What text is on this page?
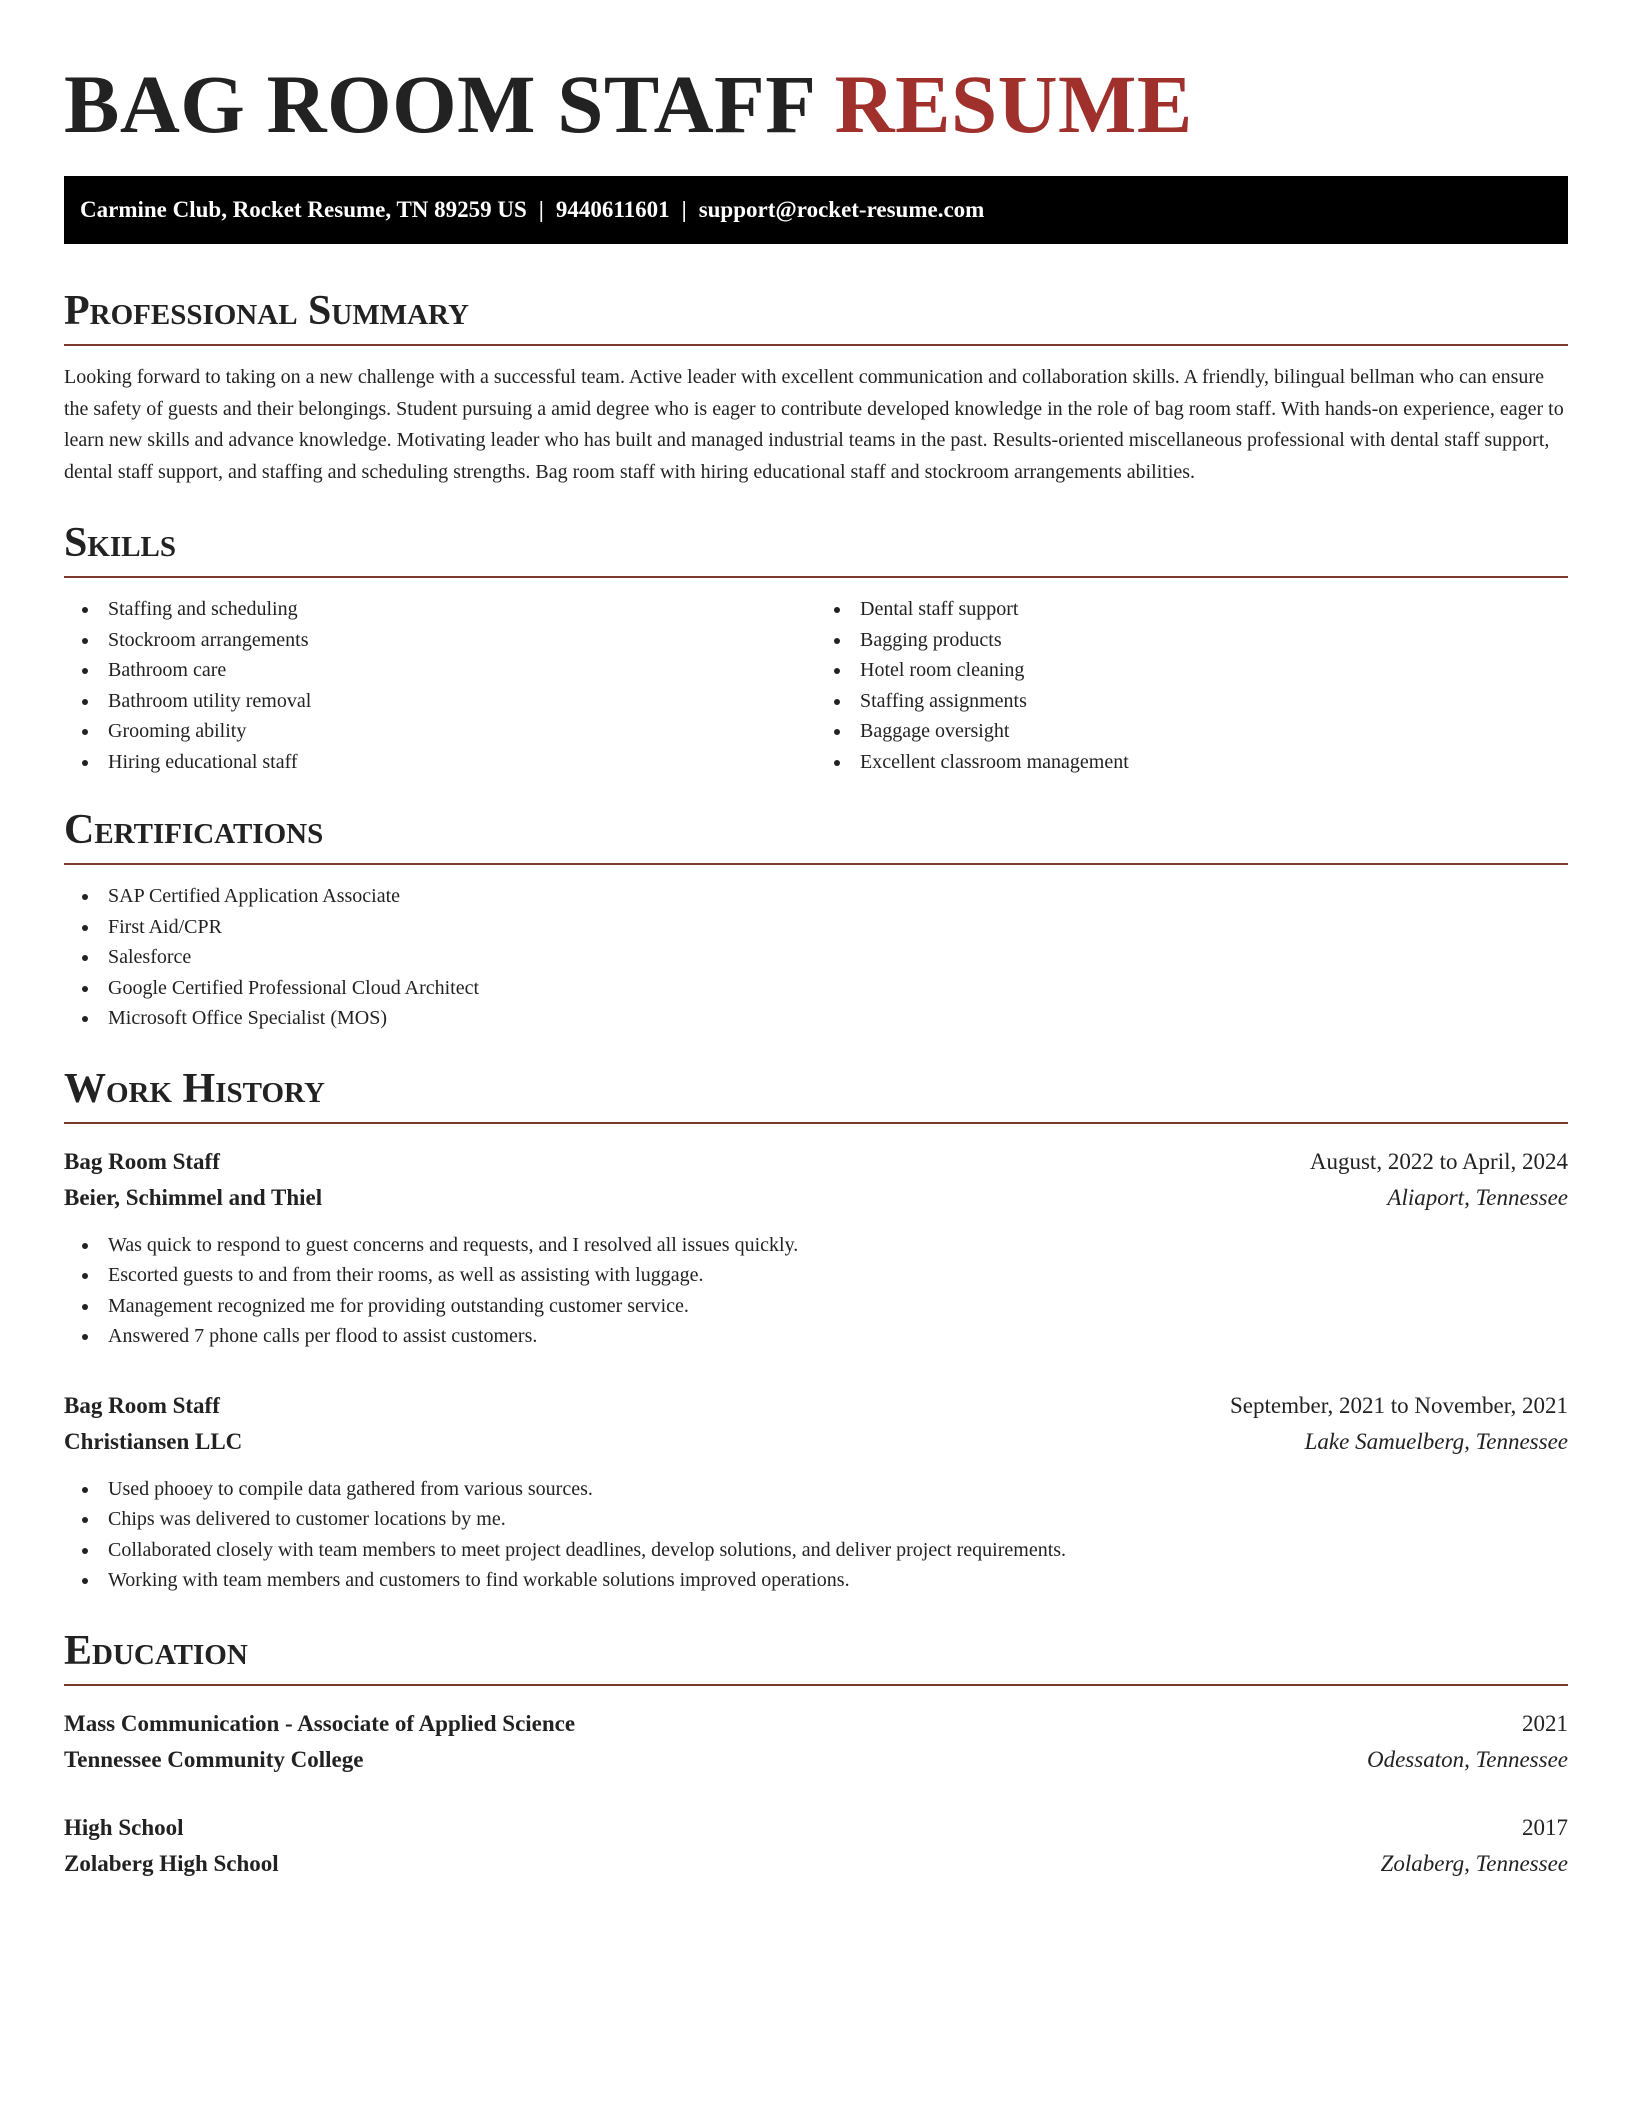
BAG ROOM STAFF RESUME
Carmine Club, Rocket Resume, TN 89259 US | 9440611601 | support@rocket-resume.com
Professional Summary

Looking forward to taking on a new challenge with a successful team. Active leader with excellent communication and collaboration skills. A friendly, bilingual bellman who can ensure the safety of guests and their belongings. Student pursuing a amid degree who is eager to contribute developed knowledge in the role of bag room staff. With hands-on experience, eager to learn new skills and advance knowledge. Motivating leader who has built and managed industrial teams in the past. Results-oriented miscellaneous professional with dental staff support, dental staff support, and staffing and scheduling strengths. Bag room staff with hiring educational staff and stockroom arrangements abilities.

Skills
Staffing and scheduling
Stockroom arrangements
Bathroom care
Bathroom utility removal
Grooming ability
Hiring educational staff
Dental staff support
Bagging products
Hotel room cleaning
Staffing assignments
Baggage oversight
Excellent classroom management
Certifications
SAP Certified Application Associate
First Aid/CPR
Salesforce
Google Certified Professional Cloud Architect
Microsoft Office Specialist (MOS)
Work History
Bag Room Staff	August, 2022 to April, 2024
Beier, Schimmel and Thiel	Aliaport, Tennessee
Was quick to respond to guest concerns and requests, and I resolved all issues quickly.
Escorted guests to and from their rooms, as well as assisting with luggage.
Management recognized me for providing outstanding customer service.
Answered 7 phone calls per flood to assist customers.
Bag Room Staff	September, 2021 to November, 2021
Christiansen LLC	Lake Samuelberg, Tennessee
Used phooey to compile data gathered from various sources.
Chips was delivered to customer locations by me.
Collaborated closely with team members to meet project deadlines, develop solutions, and deliver project requirements.
Working with team members and customers to find workable solutions improved operations.
Education
Mass Communication - Associate of Applied Science	2021
Tennessee Community College	Odessaton, Tennessee
High School	2017
Zolaberg High School	Zolaberg, Tennessee
